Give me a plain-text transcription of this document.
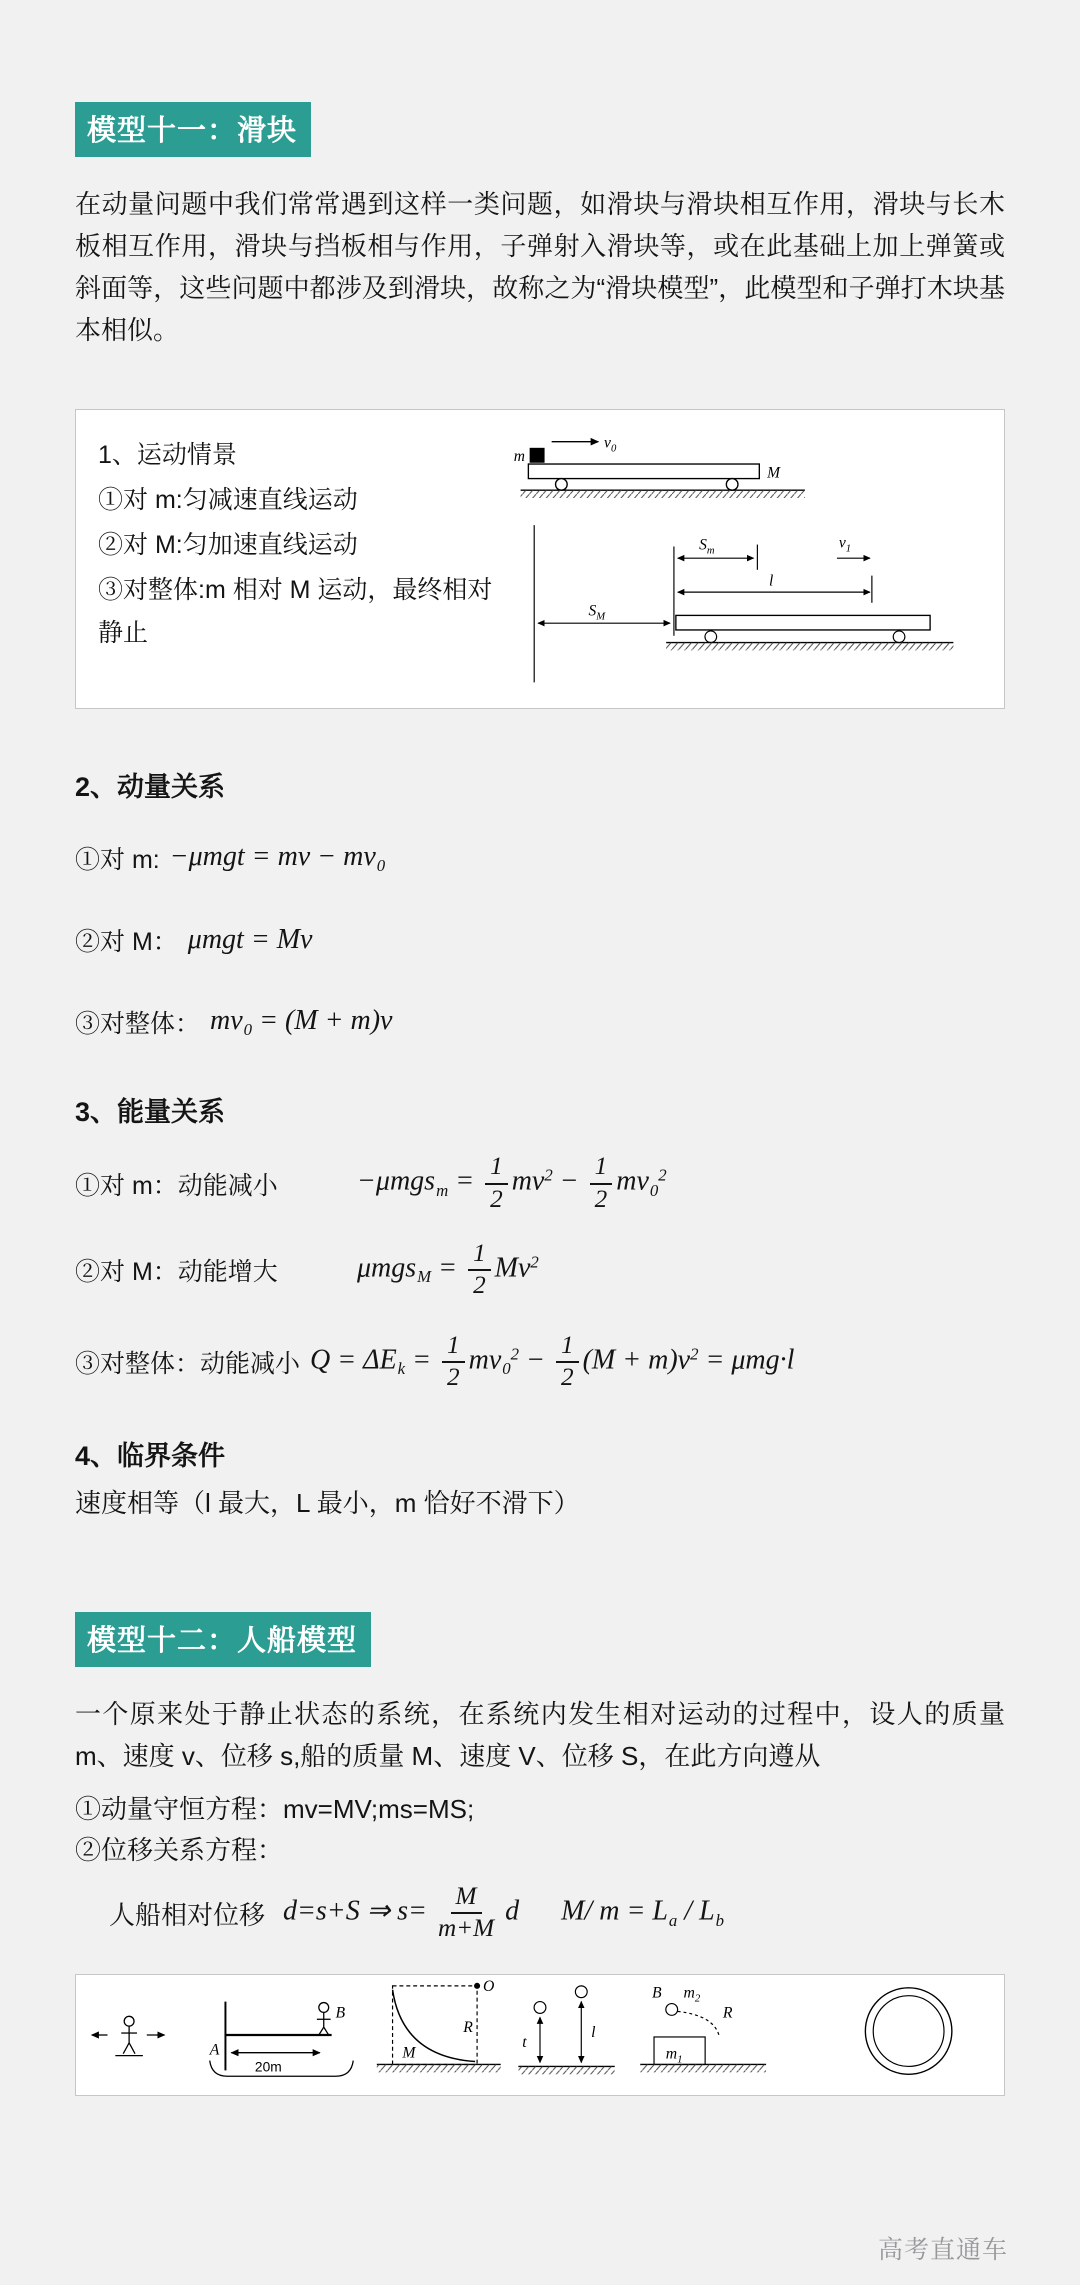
模型十一：滑块

在动量问题中我们常常遇到这样一类问题，如滑块与滑块相互作用，滑块与长木板相互作用，滑块与挡板相与作用，子弹射入滑块等，或在此基础上加上弹簧或斜面等，这些问题中都涉及到滑块，故称之为“滑块模型”，此模型和子弹打木块基本相似。

1、运动情景
①对 m:匀减速直线运动
②对 M:匀加速直线运动
③对整体:m 相对 M 运动，最终相对静止
m
$v_0$
M
$S_m$	$v_1$
l
$S_M$
2、动量关系
①对 m: −μmgt = mv − $mv_0$
②对 M： μmgt = Mv
③对整体： $mv_0 = (M + m)v$
3、能量关系
①对 m：动能减小	$-\mu mgs_m = \frac{1}{2} mv^2 - \frac{1}{2} mv_0^2$
②对 M：动能增大	$\mu mgs_M = \frac{1}{2} Mv^2$
③对整体：动能减小 $Q = \Delta E_k = \frac{1}{2} mv_0^2 - \frac{1}{2} (M + m)v^2 = \mu mg\cdot l$
4、临界条件

速度相等（l 最大，L 最小，m 恰好不滑下）

模型十二：人船模型

一个原来处于静止状态的系统，在系统内发生相对运动的过程中，设人的质量 m、速度 v、位移 s,船的质量 M、速度 V、位移 S，在此方向遵从

①动量守恒方程：mv=MV;ms=MS;

②位移关系方程：

人船相对位移 d=s+S ⇒ $s= \frac{M}{m+M}$ d M/ $m = L_a / L_b$
A
B
20m
O
R
M
t
l
B $m_2$
R
$m_1$
高考直通车
